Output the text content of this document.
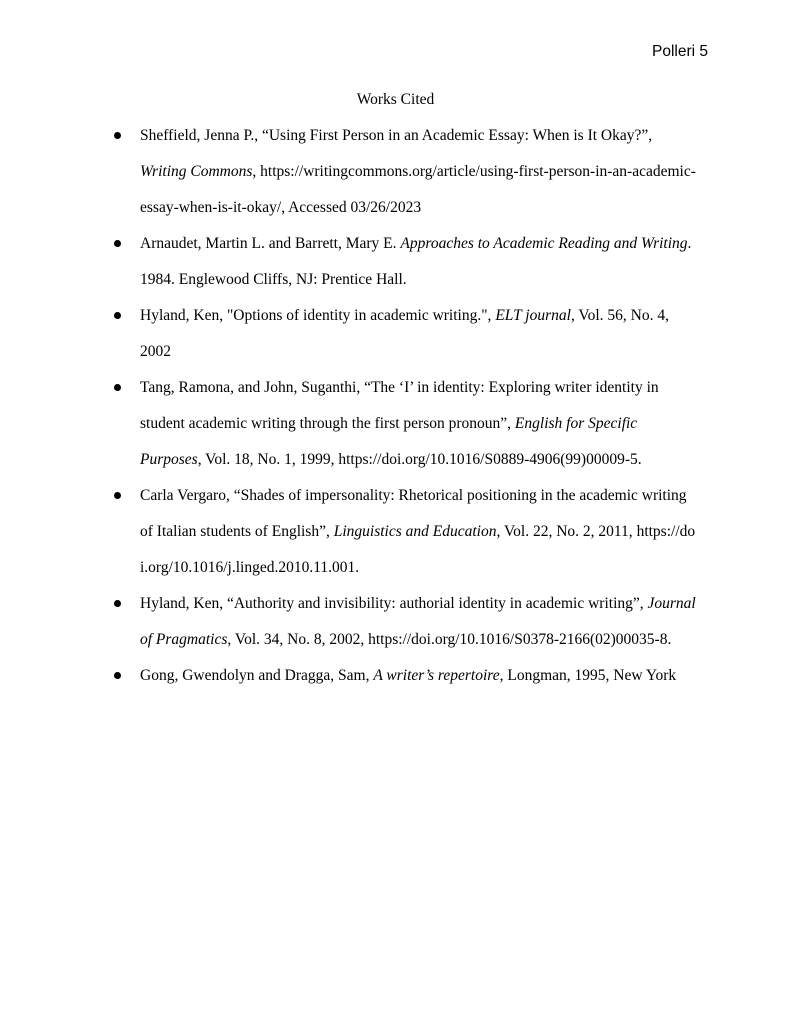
Polleri 5
Works Cited
Sheffield, Jenna P., “Using First Person in an Academic Essay: When is It Okay?”, Writing Commons, https://writingcommons.org/article/using-first-person-in-an-academic-essay-when-is-it-okay/, Accessed 03/26/2023
Arnaudet, Martin L. and Barrett, Mary E. Approaches to Academic Reading and Writing. 1984. Englewood Cliffs, NJ: Prentice Hall.
Hyland, Ken, "Options of identity in academic writing.", ELT journal, Vol. 56, No. 4, 2002
Tang, Ramona, and John, Suganthi, “The ‘I’ in identity: Exploring writer identity in student academic writing through the first person pronoun”, English for Specific Purposes, Vol. 18, No. 1, 1999, https://doi.org/10.1016/S0889-4906(99)00009-5.
Carla Vergaro, “Shades of impersonality: Rhetorical positioning in the academic writing of Italian students of English”, Linguistics and Education, Vol. 22, No. 2, 2011, https://doi.org/10.1016/j.linged.2010.11.001.
Hyland, Ken, “Authority and invisibility: authorial identity in academic writing”, Journal of Pragmatics, Vol. 34, No. 8, 2002, https://doi.org/10.1016/S0378-2166(02)00035-8.
Gong, Gwendolyn and Dragga, Sam, A writer’s repertoire, Longman, 1995, New York
